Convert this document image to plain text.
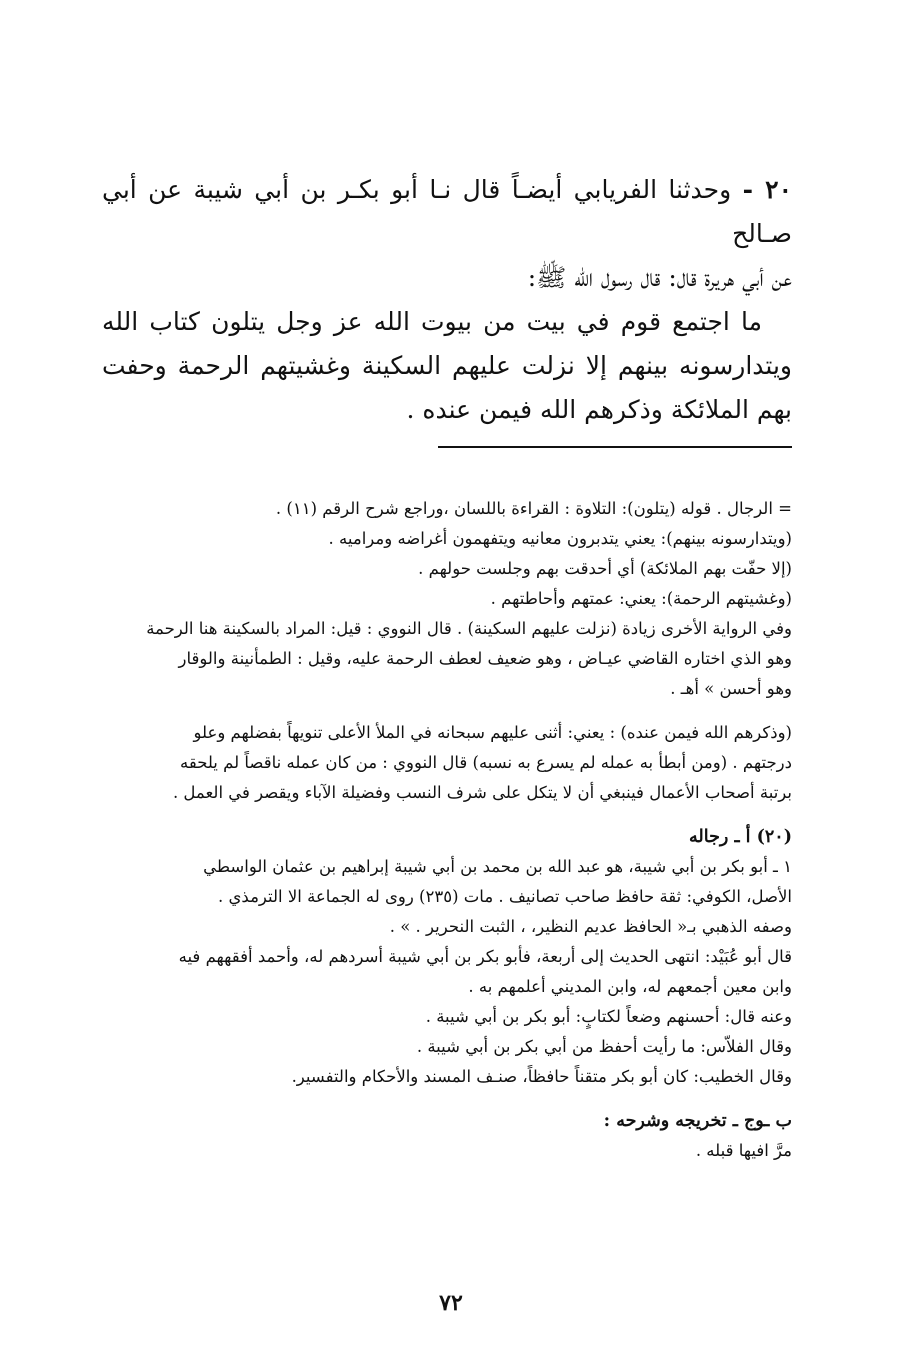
٢٠ - وحدثنا الفريابي أيضـاً قال نـا أبو بكـر بن أبي شيبة عن أبي صـالح

عن أبي هريرة قال: قال رسول الله ﷺ:

ما اجتمع قوم في بيت من بيوت الله عز وجل يتلون كتاب الله ويتدارسونه بينهم إلا نزلت عليهم السكينة وغشيتهم الرحمة وحفت بهم الملائكة وذكرهم الله فيمن عنده .

= الرجال . قوله (يتلون): التلاوة : القراءة باللسان ،وراجع شرح الرقم (١١) .

(ويتدارسونه بينهم): يعني يتدبرون معانيه ويتفهمون أغراضه ومراميه .

(إلا حفّت بهم الملائكة) أي أحدقت بهم وجلست حولهم .

(وغشيتهم الرحمة): يعني: عمتهم وأحاطتهم .

وفي الرواية الأخرى زيادة (نزلت عليهم السكينة) . قال النووي : قيل: المراد بالسكينة هنا الرحمة

وهو الذي اختاره القاضي عيـاض ، وهو ضعيف لعطف الرحمة عليه، وقيل : الطمأنينة والوقار

وهو أحسن » أهـ .

(وذكرهم الله فيمن عنده) : يعني: أثنى عليهم سبحانه في الملأ الأعلى تنويهاً بفضلهم وعلو

درجتهم . (ومن أبطأ به عمله لم يسرع به نسبه) قال النووي : من كان عمله ناقصاً لم يلحقه

برتبة أصحاب الأعمال فينبغي أن لا يتكل على شرف النسب وفضيلة الآباء ويقصر في العمل .

(٢٠) أ ـ رجاله

١ ـ أبو بكر بن أبي شيبة، هو عبد الله بن محمد بن أبي شيبة إبراهيم بن عثمان الواسطي

الأصل، الكوفي: ثقة حافظ صاحب تصانيف . مات (٢٣٥) روى له الجماعة الا الترمذي .

وصفه الذهبي بـ« الحافظ عديم النظير، ، الثبت النحرير . » .

قال أبو عُبَيْد: انتهى الحديث إلى أربعة، فأبو بكر بن أبي شيبة أسردهم له، وأحمد أفقههم فيه

وابن معين أجمعهم له، وابن المديني أعلمهم به .

وعنه قال: أحسنهم وضعاً لكتابٍ: أبو بكر بن أبي شيبة .

وقال الفلاّس: ما رأيت أحفظ من أبي بكر بن أبي شيبة .

وقال الخطيب: كان أبو بكر متقناً حافظاً، صنـف المسند والأحكام والتفسير.

ب ـوج ـ تخريجه وشرحه :

مرَّ افيها قبله .

٧٢
